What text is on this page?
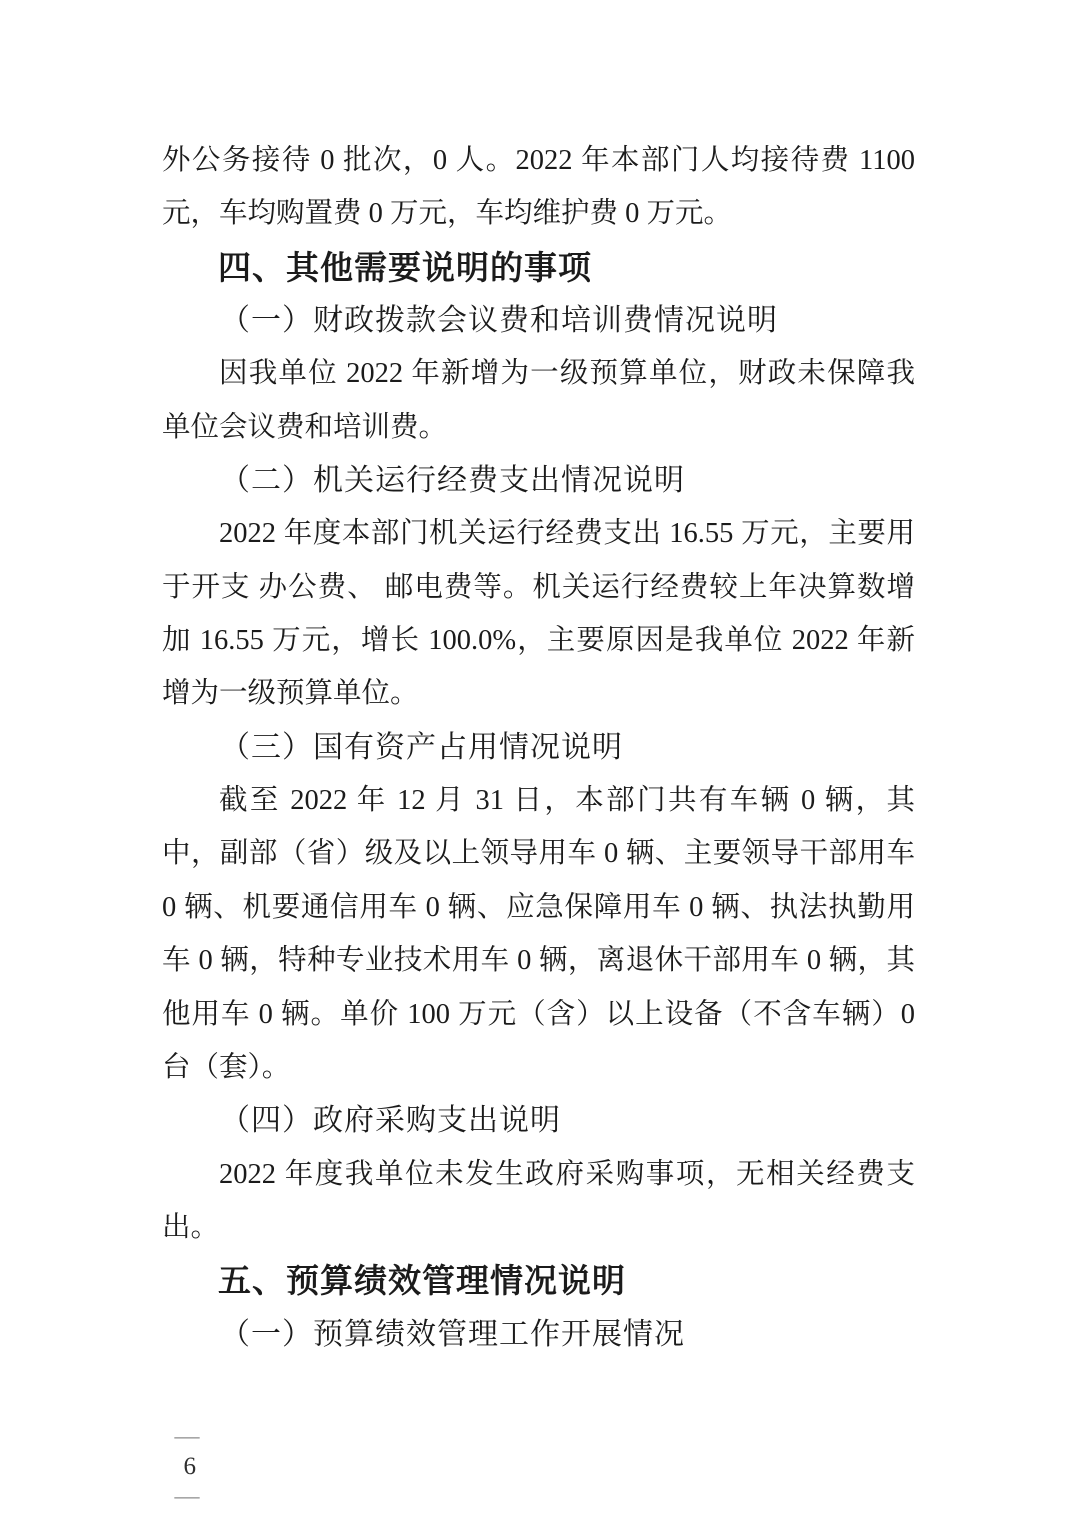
外公务接待 0 批次，0 人。2022 年本部门人均接待费 1100
元，车均购置费 0 万元，车均维护费 0 万元。
四、其他需要说明的事项
（一）财政拨款会议费和培训费情况说明
因我单位 2022 年新增为一级预算单位，财政未保障我
单位会议费和培训费。
（二）机关运行经费支出情况说明
2022 年度本部门机关运行经费支出 16.55 万元，主要用
于开支 办公费、 邮电费等。机关运行经费较上年决算数增
加 16.55 万元，增长 100.0%，主要原因是我单位 2022 年新
增为一级预算单位。
（三）国有资产占用情况说明
截至 2022 年 12 月 31 日，本部门共有车辆 0 辆，其
中，副部（省）级及以上领导用车 0 辆、主要领导干部用车
0 辆、机要通信用车 0 辆、应急保障用车 0 辆、执法执勤用
车 0 辆，特种专业技术用车 0 辆，离退休干部用车 0 辆，其
他用车 0 辆。单价 100 万元（含）以上设备（不含车辆）0
台（套）。
（四）政府采购支出说明
2022 年度我单位未发生政府采购事项，无相关经费支
出。
五、预算绩效管理情况说明
（一）预算绩效管理工作开展情况

—
6
—
